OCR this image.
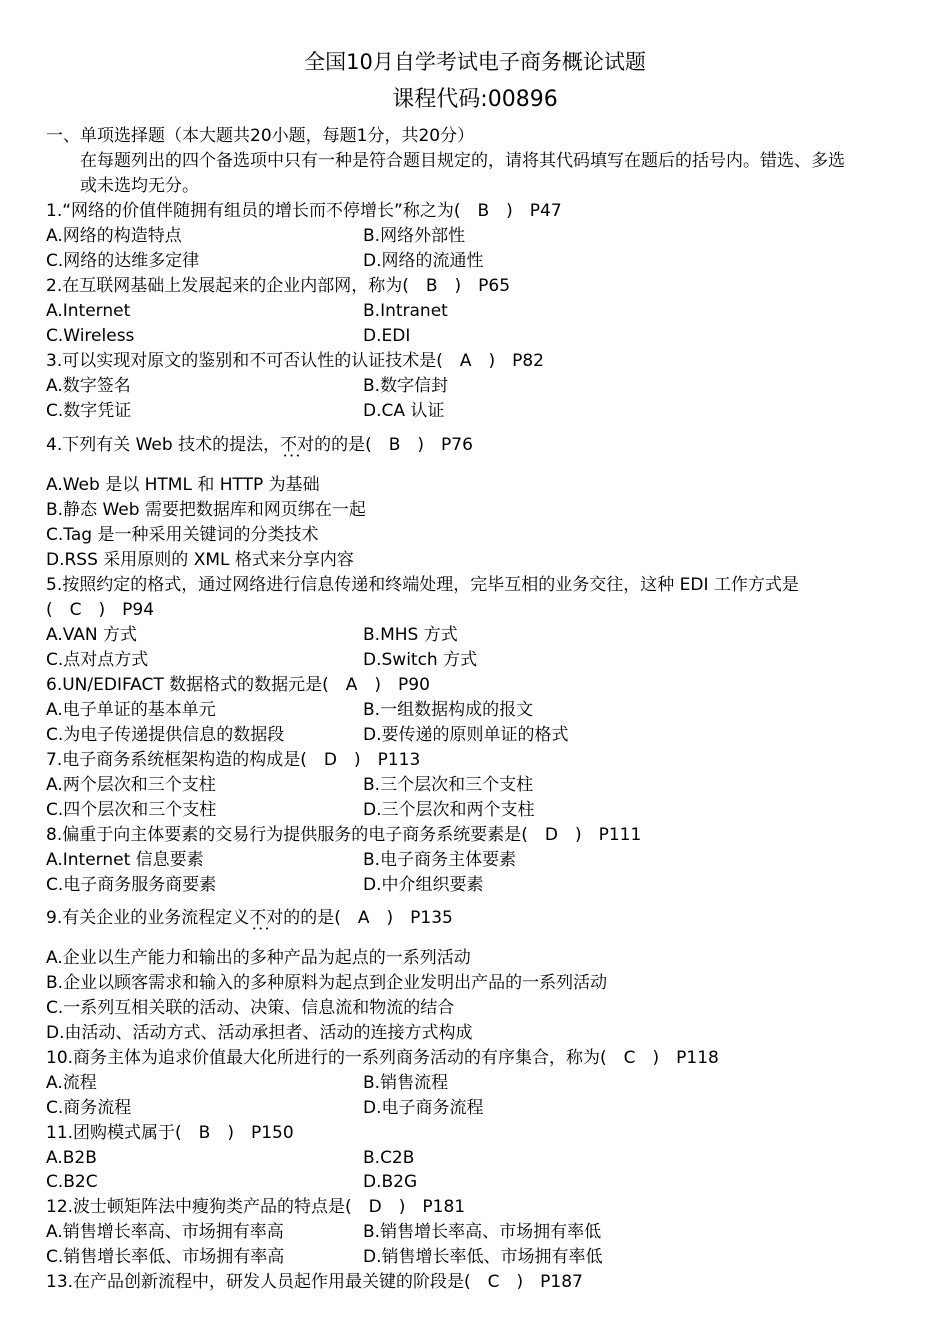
全国10月自学考试电子商务概论试题
课程代码:00896
一、单项选择题（本大题共20小题，每题1分，共20分）
在每题列出的四个备选项中只有一种是符合题目规定的，请将其代码填写在题后的括号内。错选、多选
或未选均无分。
1.“网络的价值伴随拥有组员的增长而不停增长”称之为(　B　)　P47
A.网络的构造特点	B.网络外部性
C.网络的达维多定律	D.网络的流通性
2.在互联网基础上发展起来的企业内部网，称为(　B　)　P65
A.Internet	B.Intranet
C.Wireless	D.EDI
3.可以实现对原文的鉴别和不可否认性的认证技术是(　A　)　P82
A.数字签名	B.数字信封
C.数字凭证	D.CA 认证
4.下列有关 Web 技术的提法，不对的 • • •的是(　B　)　P76
A.Web 是以 HTML 和 HTTP 为基础
B.静态 Web 需要把数据库和网页绑在一起
C.Tag 是一种采用关键词的分类技术
D.RSS 采用原则的 XML 格式来分享内容
5.按照约定的格式，通过网络进行信息传递和终端处理，完毕互相的业务交往，这种 EDI 工作方式是
(　C　)　P94
A.VAN 方式	B.MHS 方式
C.点对点方式	D.Switch 方式
6.UN/EDIFACT 数据格式的数据元是(　A　)　P90
A.电子单证的基本单元	B.一组数据构成的报文
C.为电子传递提供信息的数据段	D.要传递的原则单证的格式
7.电子商务系统框架构造的构成是(　D　)　P113
A.两个层次和三个支柱	B.三个层次和三个支柱
C.四个层次和三个支柱	D.三个层次和两个支柱
8.偏重于向主体要素的交易行为提供服务的电子商务系统要素是(　D　)　P111
A.Internet 信息要素	B.电子商务主体要素
C.电子商务服务商要素	D.中介组织要素
9.有关企业的业务流程定义不对的 • • •的是(　A　)　P135
A.企业以生产能力和输出的多种产品为起点的一系列活动
B.企业以顾客需求和输入的多种原料为起点到企业发明出产品的一系列活动
C.一系列互相关联的活动、决策、信息流和物流的结合
D.由活动、活动方式、活动承担者、活动的连接方式构成
10.商务主体为追求价值最大化所进行的一系列商务活动的有序集合，称为(　C　)　P118
A.流程	B.销售流程
C.商务流程	D.电子商务流程
11.团购模式属于(　B　)　P150
A.B2B	B.C2B
C.B2C	D.B2G
12.波士顿矩阵法中瘦狗类产品的特点是(　D　)　P181
A.销售增长率高、市场拥有率高	B.销售增长率高、市场拥有率低
C.销售增长率低、市场拥有率高	D.销售增长率低、市场拥有率低
13.在产品创新流程中，研发人员起作用最关键的阶段是(　C　)　P187
